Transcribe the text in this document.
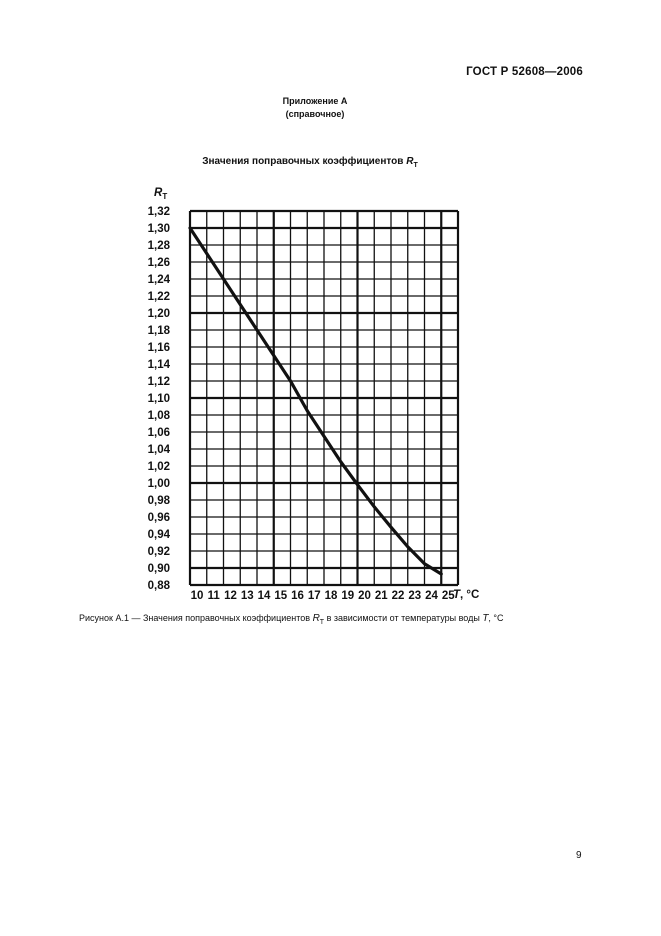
ГОСТ Р 52608—2006
Приложение А
(справочное)
Значения поправочных коэффициентов $R_T$
0,88
0,90
0,92
0,94
0,96
0,98
1,00
1,02
1,04
1,06
1,08
1,10
1,12
1,14
1,16
1,18
1,20
1,22
1,24
1,26
1,28
1,30
1,32
10 11 12 13 14 15 16 17 18 19 20 21 22 23 24 25
$R_T$
T, °С
Рисунок А.1 — Значения поправочных коэффициентов $R_T$ в зависимости от температуры воды T, °С
9
